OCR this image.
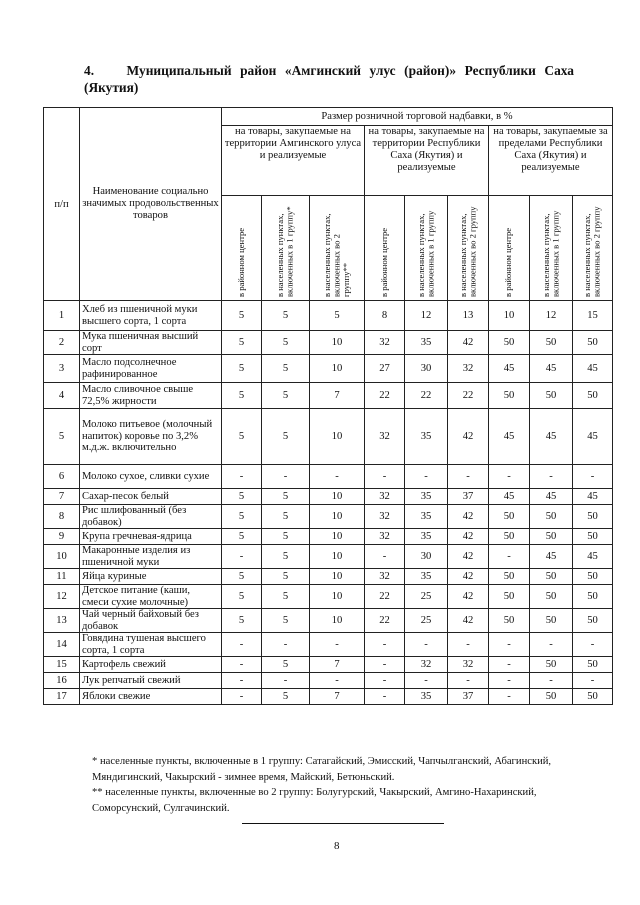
4. Муниципальный район «Амгинский улус (район)» Республики Саха (Якутия)
п/п	Наименование социально значимых продовольственных товаров	Размер розничной торговой надбавки, в %								
		на товары, закупаемые на территории Амгинского улуса и реализуемые			на товары, закупаемые на территории Республики Саха (Якутия) и реализуемые			на товары, закупаемые за пределами Республики Саха (Якутия) и реализуемые		

		в районном центре	в населенных пунктах, включенных в 1 группу*	в населенных пунктах, включенных во 2 группу**	в районном центре	в населенных пунктах, включенных в 1 группу	в населенных пунктах, включенных во 2 группу	в районном центре	в населенных пунктах, включенных в 1 группу	в населенных пунктах, включенных во 2 группу

1	Хлеб из пшеничной муки высшего сорта, 1 сорта	5	5	5	8	12	13	10	12	15
2	Мука пшеничная высший сорт	5	5	10	32	35	42	50	50	50
3	Масло подсолнечное рафинированное	5	5	10	27	30	32	45	45	45
4	Масло сливочное свыше 72,5% жирности	5	5	7	22	22	22	50	50	50
5	Молоко питьевое (молочный напиток) коровье по 3,2% м.д.ж. включительно	5	5	10	32	35	42	45	45	45
6	Молоко сухое, сливки сухие	-	-	-	-	-	-	-	-	-
7	Сахар-песок белый	5	5	10	32	35	37	45	45	45
8	Рис шлифованный (без добавок)	5	5	10	32	35	42	50	50	50
9	Крупа гречневая-ядрица	5	5	10	32	35	42	50	50	50
10	Макаронные изделия из пшеничной муки	-	5	10	-	30	42	-	45	45
11	Яйца куриные	5	5	10	32	35	42	50	50	50
12	Детское питание (каши, смеси сухие молочные)	5	5	10	22	25	42	50	50	50
13	Чай черный байховый без добавок	5	5	10	22	25	42	50	50	50
14	Говядина тушеная высшего сорта, 1 сорта	-	-	-	-	-	-	-	-	-
15	Картофель свежий	-	5	7	-	32	32	-	50	50
16	Лук репчатый свежий	-	-	-	-	-	-	-	-	-
17	Яблоки свежие	-	5	7	-	35	37	-	50	50
* населенные пункты, включенные в 1 группу: Сатагайский, Эмисский, Чапчылганский, Абагинский, Мяндигинский, Чакырский - зимнее время, Майский, Бетюньский.
** населенные пункты, включенные во 2 группу: Болугурский, Чакырский, Амгино-Нахаринский, Соморсунский, Сулгачинский.
8
